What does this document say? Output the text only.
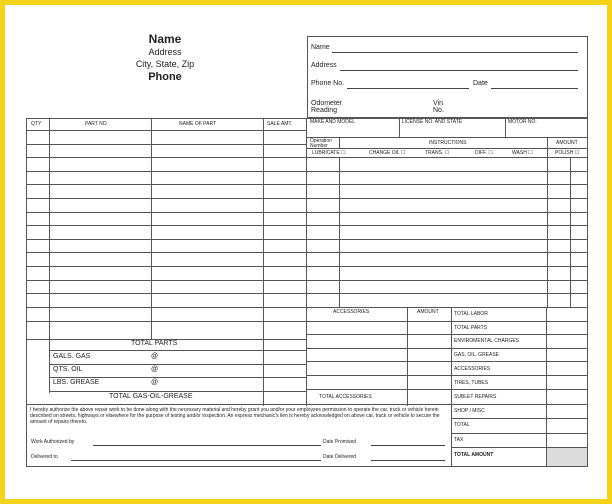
Name
Address
City, State, Zip
Phone
Name
Address
Phone No.	Date
Odometer
Reading
Vin
No.
QTY	PART NO.	NAME OF PART	SALE AMT.
TOTAL PARTS
GALS. GAS	@
QTS. OIL	@
LBS. GREASE	@
TOTAL GAS-OIL-GREASE
MAKE AND MODEL	LICENSE NO. AND STATE	MOTOR NO.
Operation
Number	INSTRUCTIONS	AMOUNT
LUBRICATE ☐	CHANGE OIL ☐	TRANS. ☐	DIFF. ☐	WASH ☐	POLISH ☐
ACCESSORIES	AMOUNT
TOTAL ACCESSORIES
TOTAL LABOR
TOTAL PARTS
ENVIROMENTAL CHARGES
GAS, OIL, GREASE
ACCESSORIES
TIRES, TUBES
SUBLET REPAIRS
SHOP / MISC
TOTAL
TAX
TOTAL AMOUNT
I hereby authorize the above repair work to be done along with the necessary material and hereby grant you and/or your employees permission to operate the car, truck or vehicle herein described on streets, highways or elsewhere for the purpose of testing and/or inspection. An express mechanic's lien is hereby acknowledged on above car, truck or vehicle to secure the amount of repairs thereto.
Work Authorized by	Date Promised
Delivered to	Date Delivered
